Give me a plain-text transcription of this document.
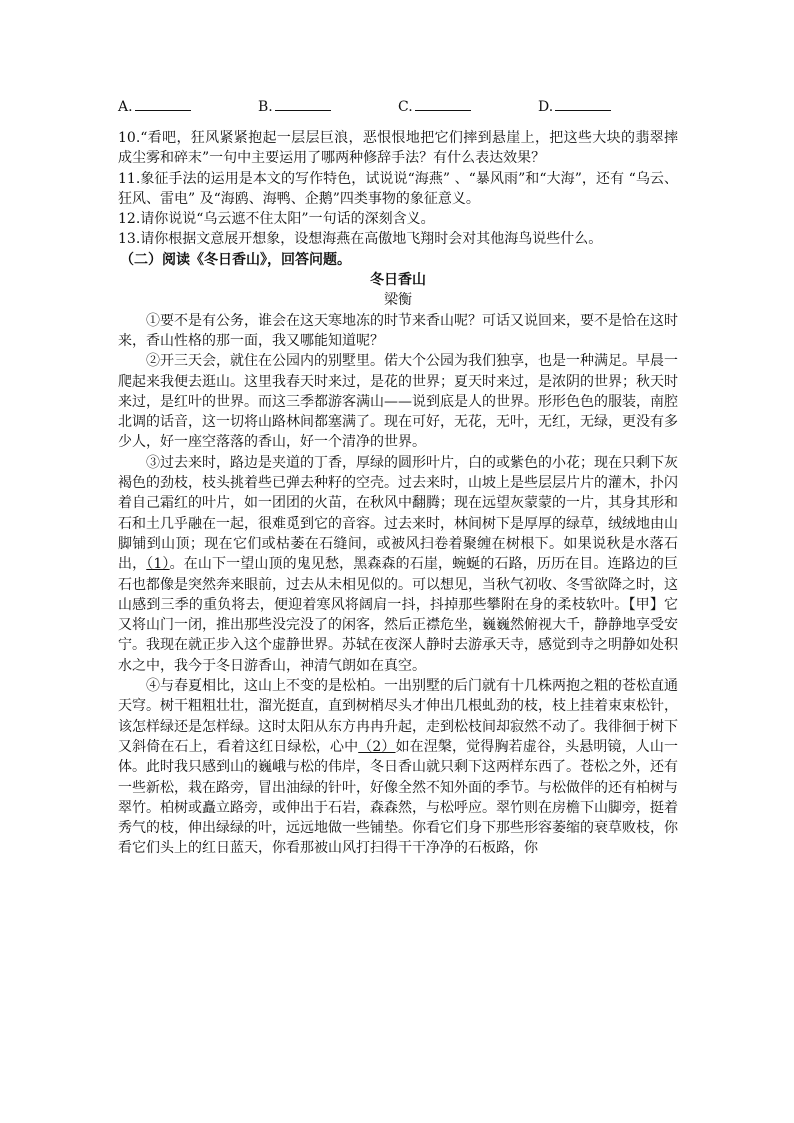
A.	B.	C.	D.

10.“看吧，狂风紧紧抱起一层层巨浪，恶恨恨地把它们摔到悬崖上，把这些大块的翡翠摔成尘雾和碎末”一句中主要运用了哪两种修辞手法？有什么表达效果？

11.象征手法的运用是本文的写作特色，试说说“海燕” 、“暴风雨”和“大海”，还有 “乌云、狂风、雷电” 及“海鸥、海鸭、企鹅”四类事物的象征意义。

12.请你说说“乌云遮不住太阳”一句话的深刻含义。

13.请你根据文意展开想象，设想海燕在高傲地飞翔时会对其他海鸟说些什么。

（二）阅读《冬日香山》，回答问题。

冬日香山

梁衡

①要不是有公务，谁会在这天寒地冻的时节来香山呢？可话又说回来，要不是恰在这时来，香山性格的那一面，我又哪能知道呢？

②开三天会，就住在公园内的别墅里。偌大个公园为我们独享，也是一种满足。早晨一爬起来我便去逛山。这里我春天时来过，是花的世界；夏天时来过，是浓阴的世界；秋天时来过，是红叶的世界。而这三季都游客满山——说到底是人的世界。形形色色的服装，南腔北调的话音，这一切将山路林间都塞满了。现在可好，无花，无叶，无红，无绿，更没有多少人，好一座空落落的香山，好一个清净的世界。

③过去来时，路边是夹道的丁香，厚绿的圆形叶片，白的或紫色的小花；现在只剩下灰褐色的劲枝，枝头挑着些已弹去种籽的空壳。过去来时，山坡上是些层层片片的灌木，扑闪着自己霜红的叶片，如一团团的火苗，在秋风中翻腾；现在远望灰蒙蒙的一片，其身其形和石和土几乎融在一起，很难觅到它的音容。过去来时，林间树下是厚厚的绿草，绒绒地由山脚铺到山顶；现在它们或枯萎在石缝间，或被风扫卷着聚缠在树根下。如果说秋是水落石出，（1）。在山下一望山顶的鬼见愁，黑森森的石崖，蜿蜒的石路，历历在目。连路边的巨石也都像是突然奔来眼前，过去从未相见似的。可以想见，当秋气初收、冬雪欲降之时，这山感到三季的重负将去，便迎着寒风将阔肩一抖，抖掉那些攀附在身的柔枝软叶。【甲】它又将山门一闭，推出那些没完没了的闲客，然后正襟危坐，巍巍然俯视大千，静静地享受安宁。我现在就正步入这个虚静世界。苏轼在夜深人静时去游承天寺，感觉到寺之明静如处积水之中，我今于冬日游香山，神清气朗如在真空。

④与春夏相比，这山上不变的是松柏。一出别墅的后门就有十几株两抱之粗的苍松直通天穹。树干粗粗壮壮，溜光挺直，直到树梢尽头才伸出几根虬劲的枝，枝上挂着束束松针，该怎样绿还是怎样绿。这时太阳从东方冉冉升起，走到松枝间却寂然不动了。我徘徊于树下又斜倚在石上，看着这红日绿松，心中（2）如在涅槃，觉得胸若虚谷，头悬明镜，人山一体。此时我只感到山的巍峨与松的伟岸，冬日香山就只剩下这两样东西了。苍松之外，还有一些新松，栽在路旁，冒出油绿的针叶，好像全然不知外面的季节。与松做伴的还有柏树与翠竹。柏树或矗立路旁，或伸出于石岩，森森然，与松呼应。翠竹则在房檐下山脚旁，挺着秀气的枝，伸出绿绿的叶，远远地做一些铺垫。你看它们身下那些形容萎缩的衰草败枝，你看它们头上的红日蓝天，你看那被山风打扫得干干净净的石板路，你
